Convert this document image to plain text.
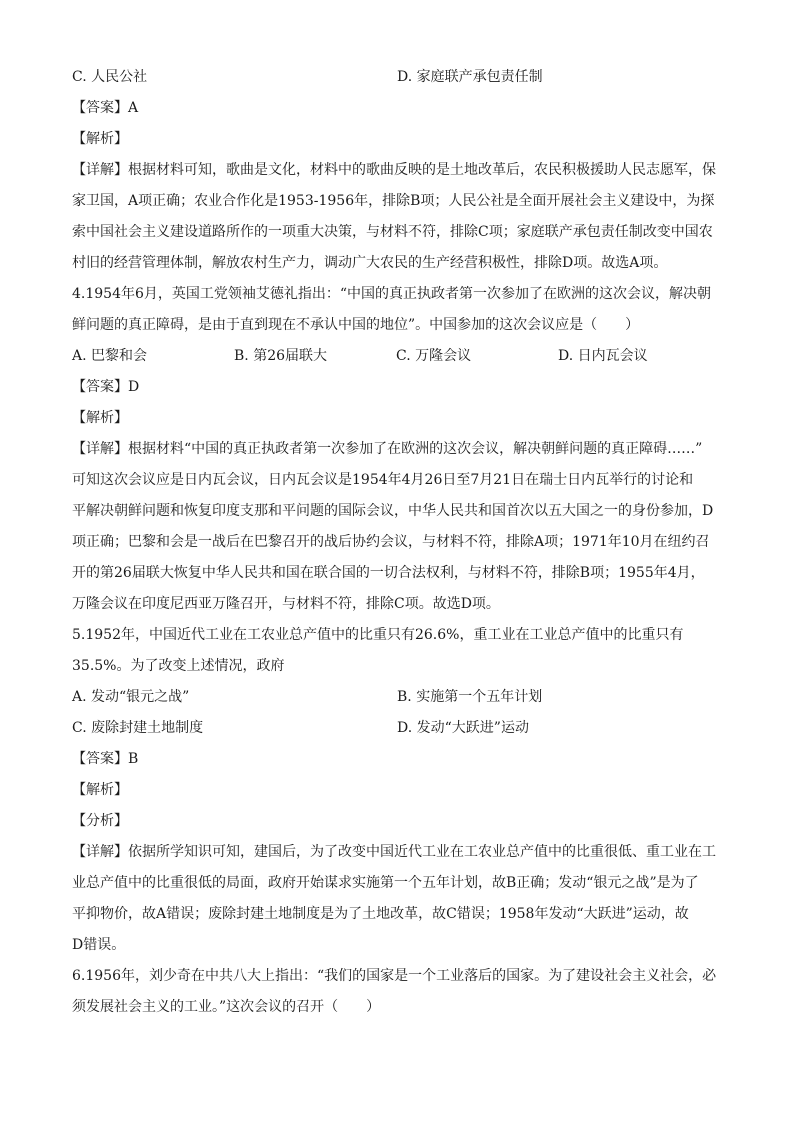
C. 人民公社	D. 家庭联产承包责任制
【答案】A
【解析】
【详解】根据材料可知，歌曲是文化，材料中的歌曲反映的是土地改革后，农民积极援助人民志愿军，保
家卫国，A项正确；农业合作化是1953-1956年，排除B项；人民公社是全面开展社会主义建设中，为探
索中国社会主义建设道路所作的一项重大决策，与材料不符，排除C项；家庭联产承包责任制改变中国农
村旧的经营管理体制，解放农村生产力，调动广大农民的生产经营积极性，排除D项。故选A项。
4.1954年6月，英国工党领袖艾德礼指出：“中国的真正执政者第一次参加了在欧洲的这次会议，解决朝
鲜问题的真正障碍，是由于直到现在不承认中国的地位”。中国参加的这次会议应是（　　）
A. 巴黎和会	B. 第26届联大	C. 万隆会议	D. 日内瓦会议
【答案】D
【解析】
【详解】根据材料“中国的真正执政者第一次参加了在欧洲的这次会议，解决朝鲜问题的真正障碍……”
可知这次会议应是日内瓦会议，日内瓦会议是1954年4月26日至7月21日在瑞士日内瓦举行的讨论和
平解决朝鲜问题和恢复印度支那和平问题的国际会议，中华人民共和国首次以五大国之一的身份参加，D
项正确；巴黎和会是一战后在巴黎召开的战后协约会议，与材料不符，排除A项；1971年10月在纽约召
开的第26届联大恢复中华人民共和国在联合国的一切合法权利，与材料不符，排除B项；1955年4月，
万隆会议在印度尼西亚万隆召开，与材料不符，排除C项。故选D项。
5.1952年，中国近代工业在工农业总产值中的比重只有26.6%，重工业在工业总产值中的比重只有
35.5%。为了改变上述情况，政府
A. 发动“银元之战”	B. 实施第一个五年计划
C. 废除封建土地制度	D. 发动“大跃进”运动
【答案】B
【解析】
【分析】
【详解】依据所学知识可知，建国后，为了改变中国近代工业在工农业总产值中的比重很低、重工业在工
业总产值中的比重很低的局面，政府开始谋求实施第一个五年计划，故B正确；发动“银元之战”是为了
平抑物价，故A错误；废除封建土地制度是为了土地改革，故C错误；1958年发动“大跃进”运动，故
D错误。
6.1956年，刘少奇在中共八大上指出：“我们的国家是一个工业落后的国家。为了建设社会主义社会，必
须发展社会主义的工业。”这次会议的召开（　　）
